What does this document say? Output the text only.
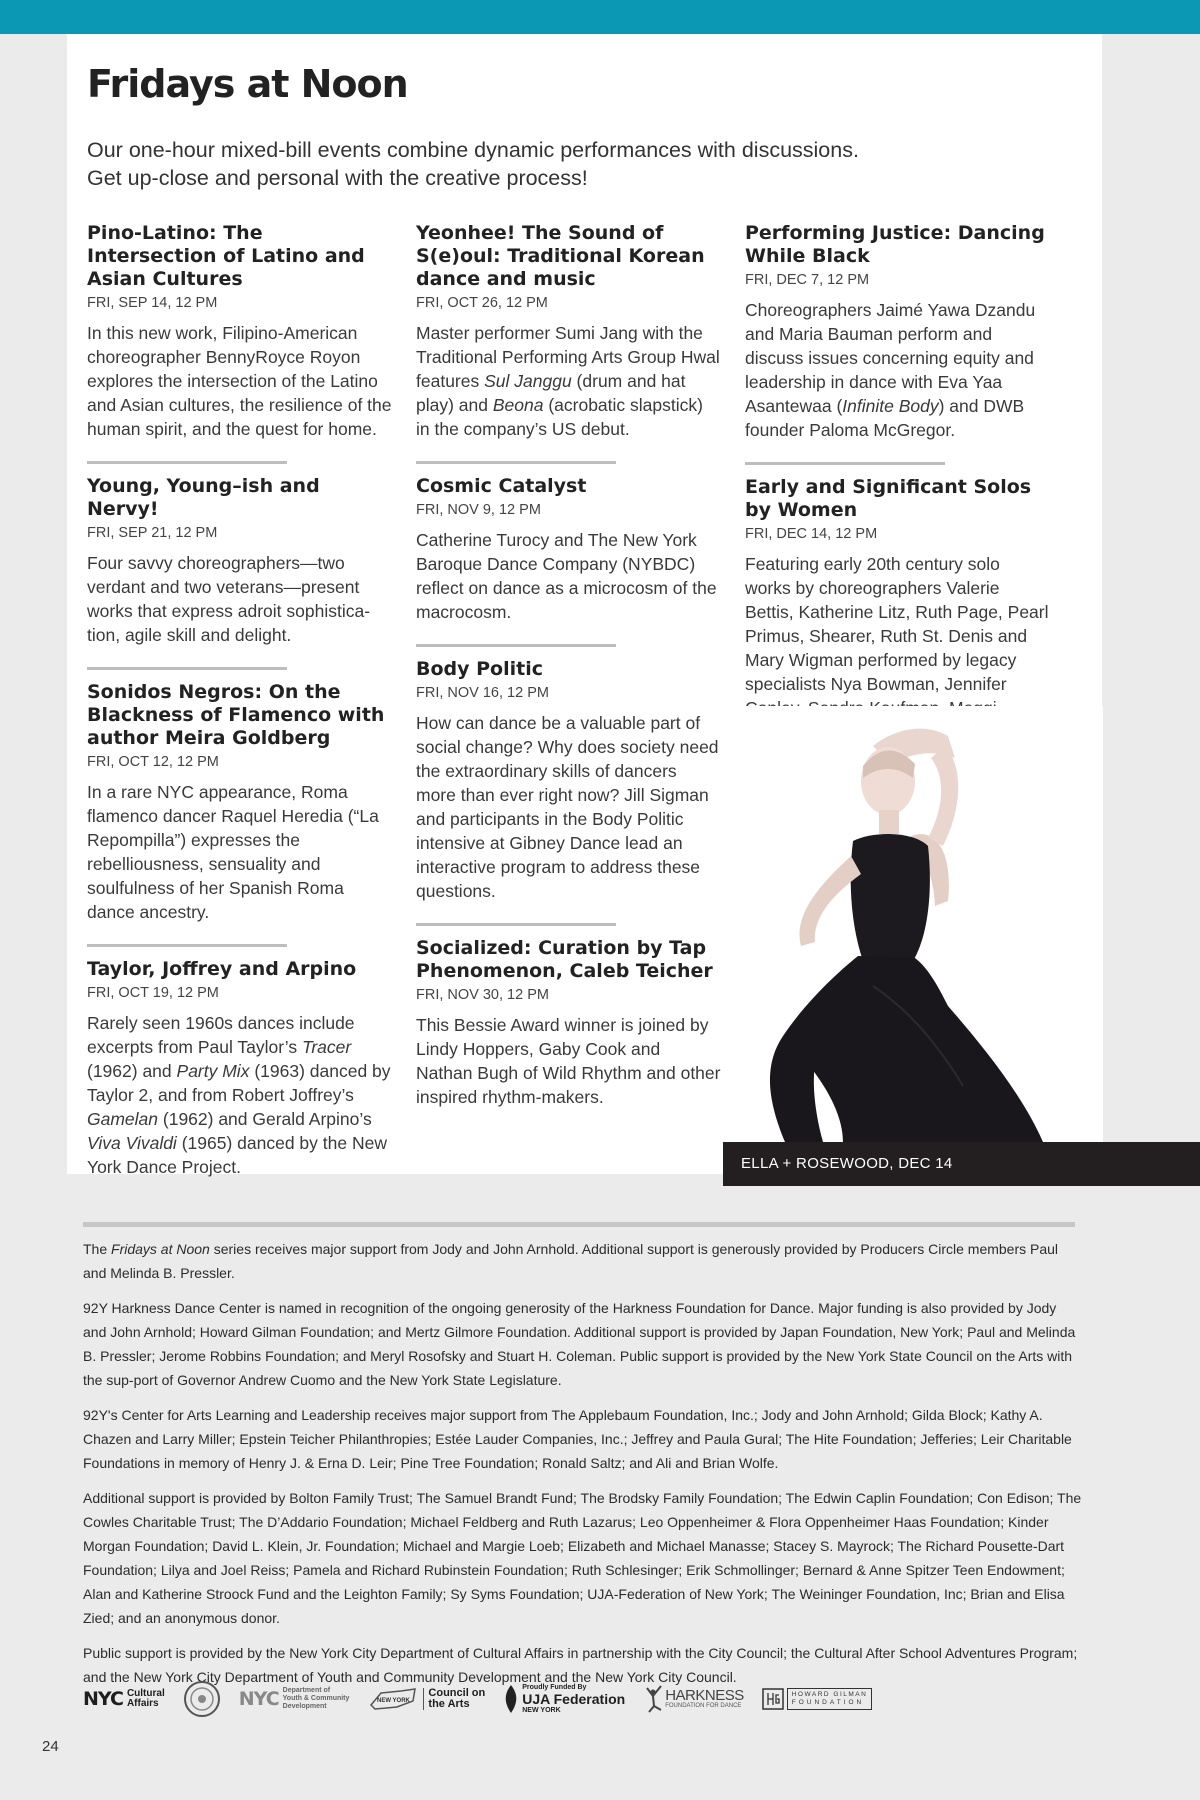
Fridays at Noon

Our one-hour mixed-bill events combine dynamic performances with discussions.
Get up-close and personal with the creative process!

Pino-Latino: The Intersection of Latino and Asian Cultures

FRI, SEP 14, 12 PM

In this new work, Filipino-American choreographer BennyRoyce Royon explores the intersection of the Latino and Asian cultures, the resilience of the human spirit, and the quest for home.

Young, Young–ish and Nervy!

FRI, SEP 21, 12 PM

Four savvy choreographers—two verdant and two veterans—present works that express adroit sophistica-tion, agile skill and delight.

Sonidos Negros: On the Blackness of Flamenco with author Meira Goldberg

FRI, OCT 12, 12 PM

In a rare NYC appearance, Roma flamenco dancer Raquel Heredia (“La Repompilla”) expresses the rebelliousness, sensuality and soulfulness of her Spanish Roma dance ancestry.

Taylor, Joffrey and Arpino

FRI, OCT 19, 12 PM

Rarely seen 1960s dances include excerpts from Paul Taylor’s Tracer (1962) and Party Mix (1963) danced by Taylor 2, and from Robert Joffrey’s Gamelan (1962) and Gerald Arpino’s Viva Vivaldi (1965) danced by the New York Dance Project.

Yeonhee! The Sound of S(e)oul: Traditional Korean dance and music

FRI, OCT 26, 12 PM

Master performer Sumi Jang with the Traditional Performing Arts Group Hwal features Sul Janggu (drum and hat play) and Beona (acrobatic slapstick) in the company’s US debut.

Cosmic Catalyst

FRI, NOV 9, 12 PM

Catherine Turocy and The New York Baroque Dance Company (NYBDC) reflect on dance as a microcosm of the macrocosm.

Body Politic

FRI, NOV 16, 12 PM

How can dance be a valuable part of social change? Why does society need the extraordinary skills of dancers more than ever right now? Jill Sigman and participants in the Body Politic intensive at Gibney Dance lead an interactive program to address these questions.

Socialized: Curation by Tap Phenomenon, Caleb Teicher

FRI, NOV 30, 12 PM

This Bessie Award winner is joined by Lindy Hoppers, Gaby Cook and Nathan Bugh of Wild Rhythm and other inspired rhythm-makers.

Performing Justice: Dancing While Black

FRI, DEC 7, 12 PM

Choreographers Jaimé Yawa Dzandu and Maria Bauman perform and discuss issues concerning equity and leadership in dance with Eva Yaa Asantewaa (Infinite Body) and DWB founder Paloma McGregor.

Early and Significant Solos by Women

FRI, DEC 14, 12 PM

Featuring early 20th century solo works by choreographers Valerie Bettis, Katherine Litz, Ruth Page, Pearl Primus, Shearer, Ruth St. Denis and Mary Wigman performed by legacy specialists Nya Bowman, Jennifer

ELLA + ROSEWOOD, DEC 14

The Fridays at Noon series receives major support from Jody and John Arnhold. Additional support is generously provided by Producers Circle members Paul and Melinda B. Pressler.

92Y Harkness Dance Center is named in recognition of the ongoing generosity of the Harkness Foundation for Dance. Major funding is also provided by Jody and John Arnhold; Howard Gilman Foundation; and Mertz Gilmore Foundation. Additional support is provided by Japan Foundation, New York; Paul and Melinda B. Pressler; Jerome Robbins Foundation; and Meryl Rosofsky and Stuart H. Coleman. Public support is provided by the New York State Council on the Arts with the sup-port of Governor Andrew Cuomo and the New York State Legislature.

92Y's Center for Arts Learning and Leadership receives major support from The Applebaum Foundation, Inc.; Jody and John Arnhold; Gilda Block; Kathy A. Chazen and Larry Miller; Epstein Teicher Philanthropies; Estée Lauder Companies, Inc.; Jeffrey and Paula Gural; The Hite Foundation; Jefferies; Leir Charitable Foundations in memory of Henry J. & Erna D. Leir; Pine Tree Foundation; Ronald Saltz; and Ali and Brian Wolfe.

Additional support is provided by Bolton Family Trust; The Samuel Brandt Fund; The Brodsky Family Foundation; The Edwin Caplin Foundation; Con Edison; The Cowles Charitable Trust; The D’Addario Foundation; Michael Feldberg and Ruth Lazarus; Leo Oppenheimer & Flora Oppenheimer Haas Foundation; Kinder Morgan Foundation; David L. Klein, Jr. Foundation; Michael and Margie Loeb; Elizabeth and Michael Manasse; Stacey S. Mayrock; The Richard Pousette-Dart Foundation; Lilya and Joel Reiss; Pamela and Richard Rubinstein Foundation; Ruth Schlesinger; Erik Schmollinger; Bernard & Anne Spitzer Teen Endowment; Alan and Katherine Stroock Fund and the Leighton Family; Sy Syms Foundation; UJA-Federation of New York; The Weininger Foundation, Inc; Brian and Elisa Zied; and an anonymous donor.

Public support is provided by the New York City Department of Cultural Affairs in partnership with the City Council; the Cultural After School Adventures Program; and the New York City Department of Youth and Community Development and the New York City Council.

NYC Cultural
Affairs	NYC Department of
Youth & Community
Development
NEW YORK
Council on
the Arts
Proudly Funded By
UJA Federation
NEW YORK
HARKNESS
FOUNDATION FOR DANCE
HOWARD GILMAN
FOUNDATION
24
